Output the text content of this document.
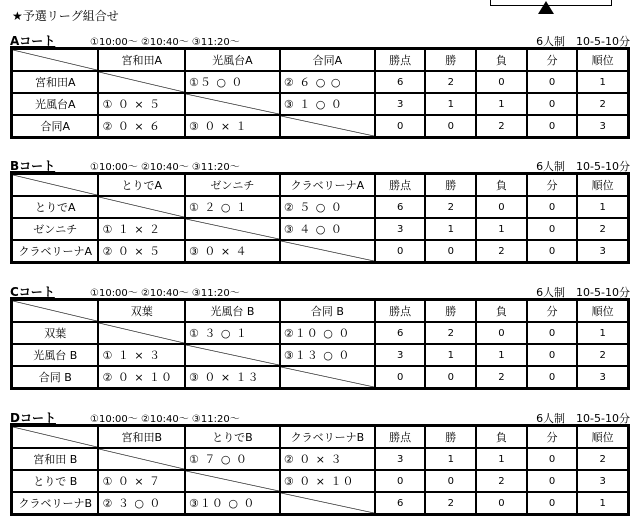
★予選リーグ組合せ
Aコート	①10:00～ ②10:40～ ③11:20～	6人制　10-5-10分
	宮和田A	光風台A	合同A	勝点	勝	負	分	順位
宮和田A		①５ ○ ０	② ６ ○ ○	6	2	0	0	1
光風台A	① ０ × ５		③ １ ○ ０	3	1	1	0	2
合同A	② ０ × ６	③ ０ × １		0	0	2	0	3
Bコート	①10:00～ ②10:40～ ③11:20～	6人制　10-5-10分
	とりでA	ゼンニチ	クラベリーナA	勝点	勝	負	分	順位
とりでA		① ２ ○ １	② ５ ○ ０	6	2	0	0	1
ゼンニチ	① １ × ２		③ ４ ○ ０	3	1	1	0	2
クラベリーナA	② ０ × ５	③ ０ × ４		0	0	2	0	3
Cコート	①10:00～ ②10:40～ ③11:20～	6人制　10-5-10分
	双葉	光風台 B	合同 B	勝点	勝	負	分	順位
双葉		① ３ ○ １	②１０ ○ ０	6	2	0	0	1
光風台 B	① １ × ３		③１３ ○ ０	3	1	1	0	2
合同 B	② ０ × １０	③ ０ × １３		0	0	2	0	3
Dコート	①10:00～ ②10:40～ ③11:20～	6人制　10-5-10分
	宮和田B	とりでB	クラベリーナB	勝点	勝	負	分	順位
宮和田 B		① ７ ○ ０	② ０ × ３	3	1	1	0	2
とりで B	① ０ × ７		③ ０ × １０	0	0	2	0	3
クラベリーナB	② ３ ○ ０	③１０ ○ ０		6	2	0	0	1
